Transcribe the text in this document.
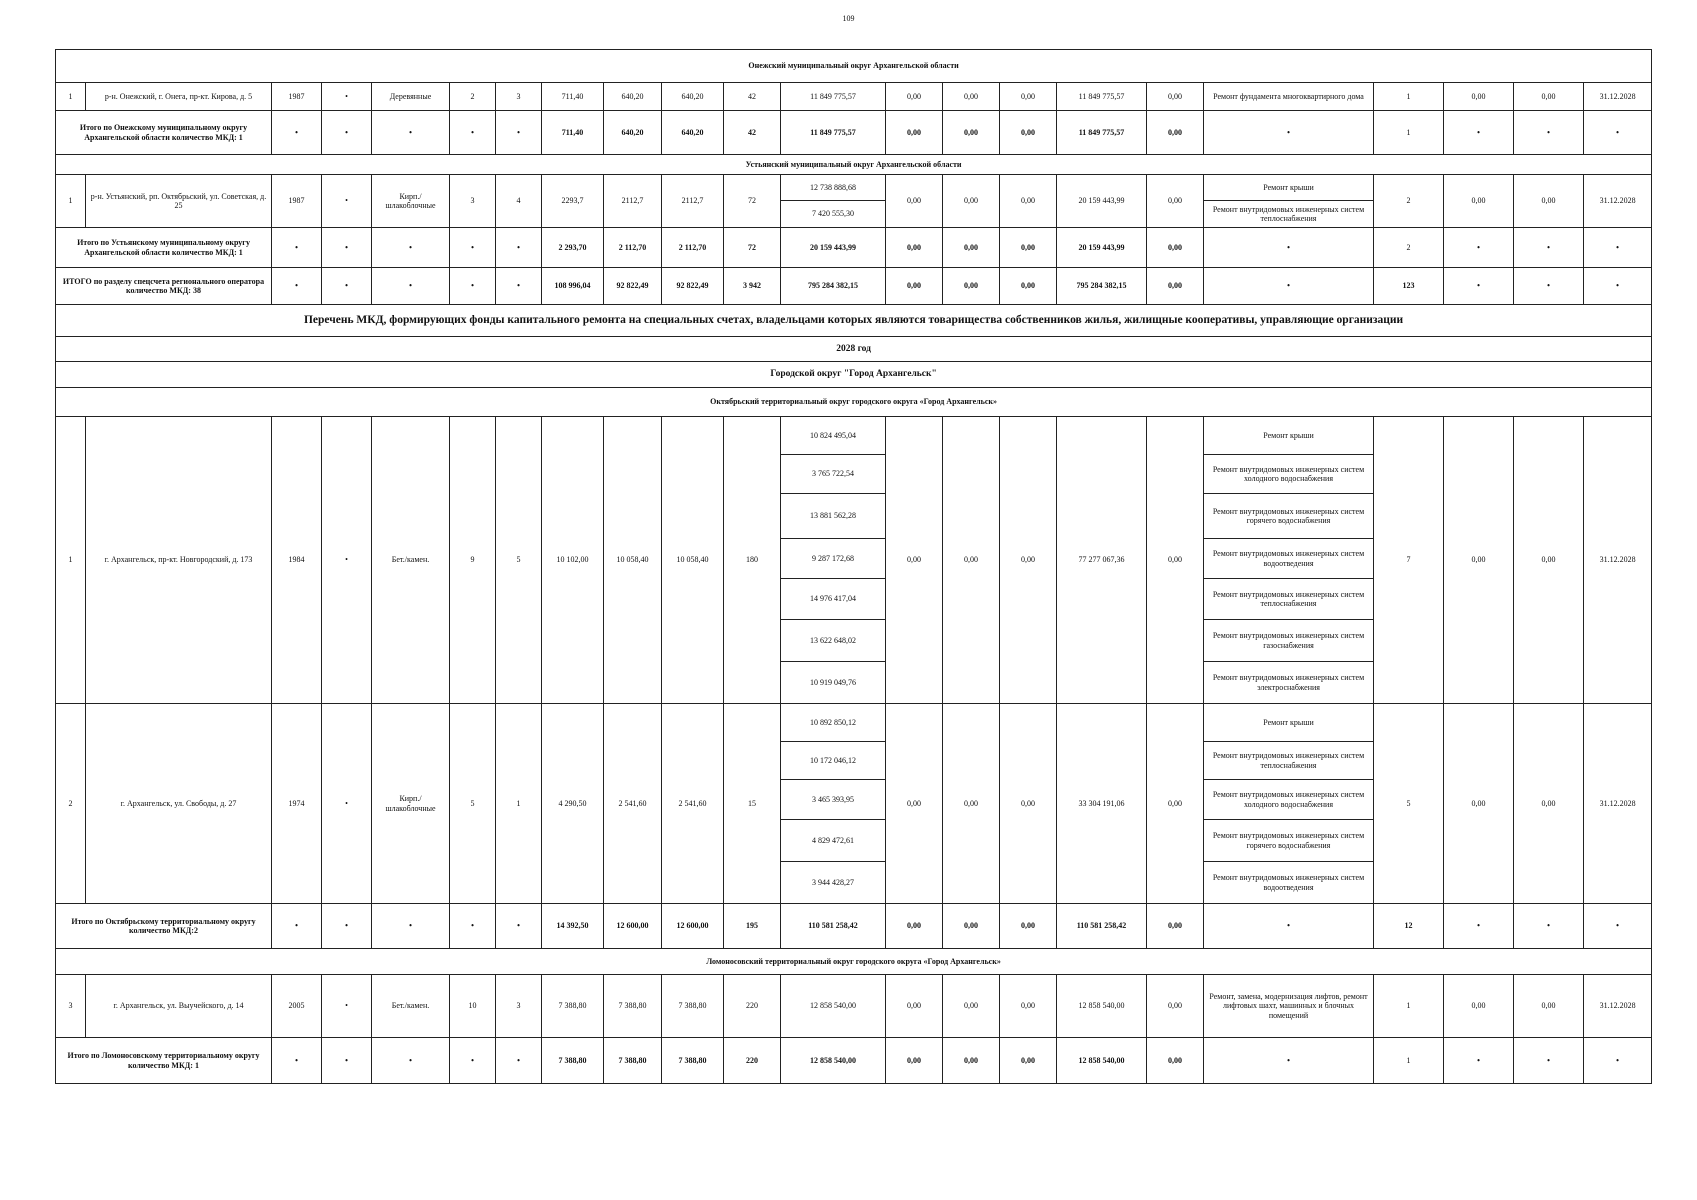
109
Онежский муниципальный округ Архангельской области																					
1	р-н. Онежский, г. Онега, пр-кт. Кирова, д. 5	1987	•	Деревянные	2	3	711,40	640,20	640,20	42	11 849 775,57	0,00	0,00	0,00	11 849 775,57	0,00	Ремонт фундамента многоквартирного дома	1	0,00	0,00	31.12.2028
Итого по Онежскому муниципальному округу Архангельской области количество МКД: 1		•	•	•	•	•	711,40	640,20	640,20	42	11 849 775,57	0,00	0,00	0,00	11 849 775,57	0,00	•	1	•	•	•
Устьянский муниципальный округ Архангельской области																					
1	р-н. Устьянский, рп. Октябрьский, ул. Советская, д. 25	1987	•	Кирп./ шлакоблочные	3	4	2293,7	2112,7	2112,7	72	12 738 888,68	0,00	0,00	0,00	20 159 443,99	0,00	Ремонт крыши	2	0,00	0,00	31.12.2028
											7 420 555,30						Ремонт внутридомовых инженерных систем теплоснабжения				
Итого по Устьянскому муниципальному округу Архангельской области количество МКД: 1		•	•	•	•	•	2 293,70	2 112,70	2 112,70	72	20 159 443,99	0,00	0,00	0,00	20 159 443,99	0,00	•	2	•	•	•
ИТОГО по разделу спецсчета регионального оператора количество МКД: 38		•	•	•	•	•	108 996,04	92 822,49	92 822,49	3 942	795 284 382,15	0,00	0,00	0,00	795 284 382,15	0,00	•	123	•	•	•
Перечень МКД, формирующих фонды капитального ремонта на специальных счетах, владельцами которых являются товарищества собственников жилья, жилищные кооперативы, управляющие организации																					
2028 год																					
Городской округ "Город Архангельск"																					
Октябрьский территориальный округ городского округа «Город Архангельск»																					
1	г. Архангельск, пр-кт. Новгородский, д. 173	1984	•	Бет./камен.	9	5	10 102,00	10 058,40	10 058,40	180	10 824 495,04	0,00	0,00	0,00	77 277 067,36	0,00	Ремонт крыши	7	0,00	0,00	31.12.2028
											3 765 722,54						Ремонт внутридомовых инженерных систем холодного водоснабжения				
											13 881 562,28						Ремонт внутридомовых инженерных систем горячего водоснабжения				
											9 287 172,68						Ремонт внутридомовых инженерных систем водоотведения				
											14 976 417,04						Ремонт внутридомовых инженерных систем теплоснабжения				
											13 622 648,02						Ремонт внутридомовых инженерных систем газоснабжения				
											10 919 049,76						Ремонт внутридомовых инженерных систем электроснабжения				
2	г. Архангельск, ул. Свободы, д. 27	1974	•	Кирп./ шлакоблочные	5	1	4 290,50	2 541,60	2 541,60	15	10 892 850,12	0,00	0,00	0,00	33 304 191,06	0,00	Ремонт крыши	5	0,00	0,00	31.12.2028
											10 172 046,12						Ремонт внутридомовых инженерных систем теплоснабжения				
											3 465 393,95						Ремонт внутридомовых инженерных систем холодного водоснабжения				
											4 829 472,61						Ремонт внутридомовых инженерных систем горячего водоснабжения				
											3 944 428,27						Ремонт внутридомовых инженерных систем водоотведения				
Итого по Октябрьскому территориальному округу количество МКД:2		•	•	•	•	•	14 392,50	12 600,00	12 600,00	195	110 581 258,42	0,00	0,00	0,00	110 581 258,42	0,00	•	12	•	•	•
Ломоносовский территориальный округ городского округа «Город Архангельск»																					
3	г. Архангельск, ул. Выучейского, д. 14	2005	•	Бет./камен.	10	3	7 388,80	7 388,80	7 388,80	220	12 858 540,00	0,00	0,00	0,00	12 858 540,00	0,00	Ремонт, замена, модернизация лифтов, ремонт лифтовых шахт, машинных и блочных помещений	1	0,00	0,00	31.12.2028
Итого по Ломоносовскому территориальному округу количество МКД: 1		•	•	•	•	•	7 388,80	7 388,80	7 388,80	220	12 858 540,00	0,00	0,00	0,00	12 858 540,00	0,00	•	1	•	•	•
